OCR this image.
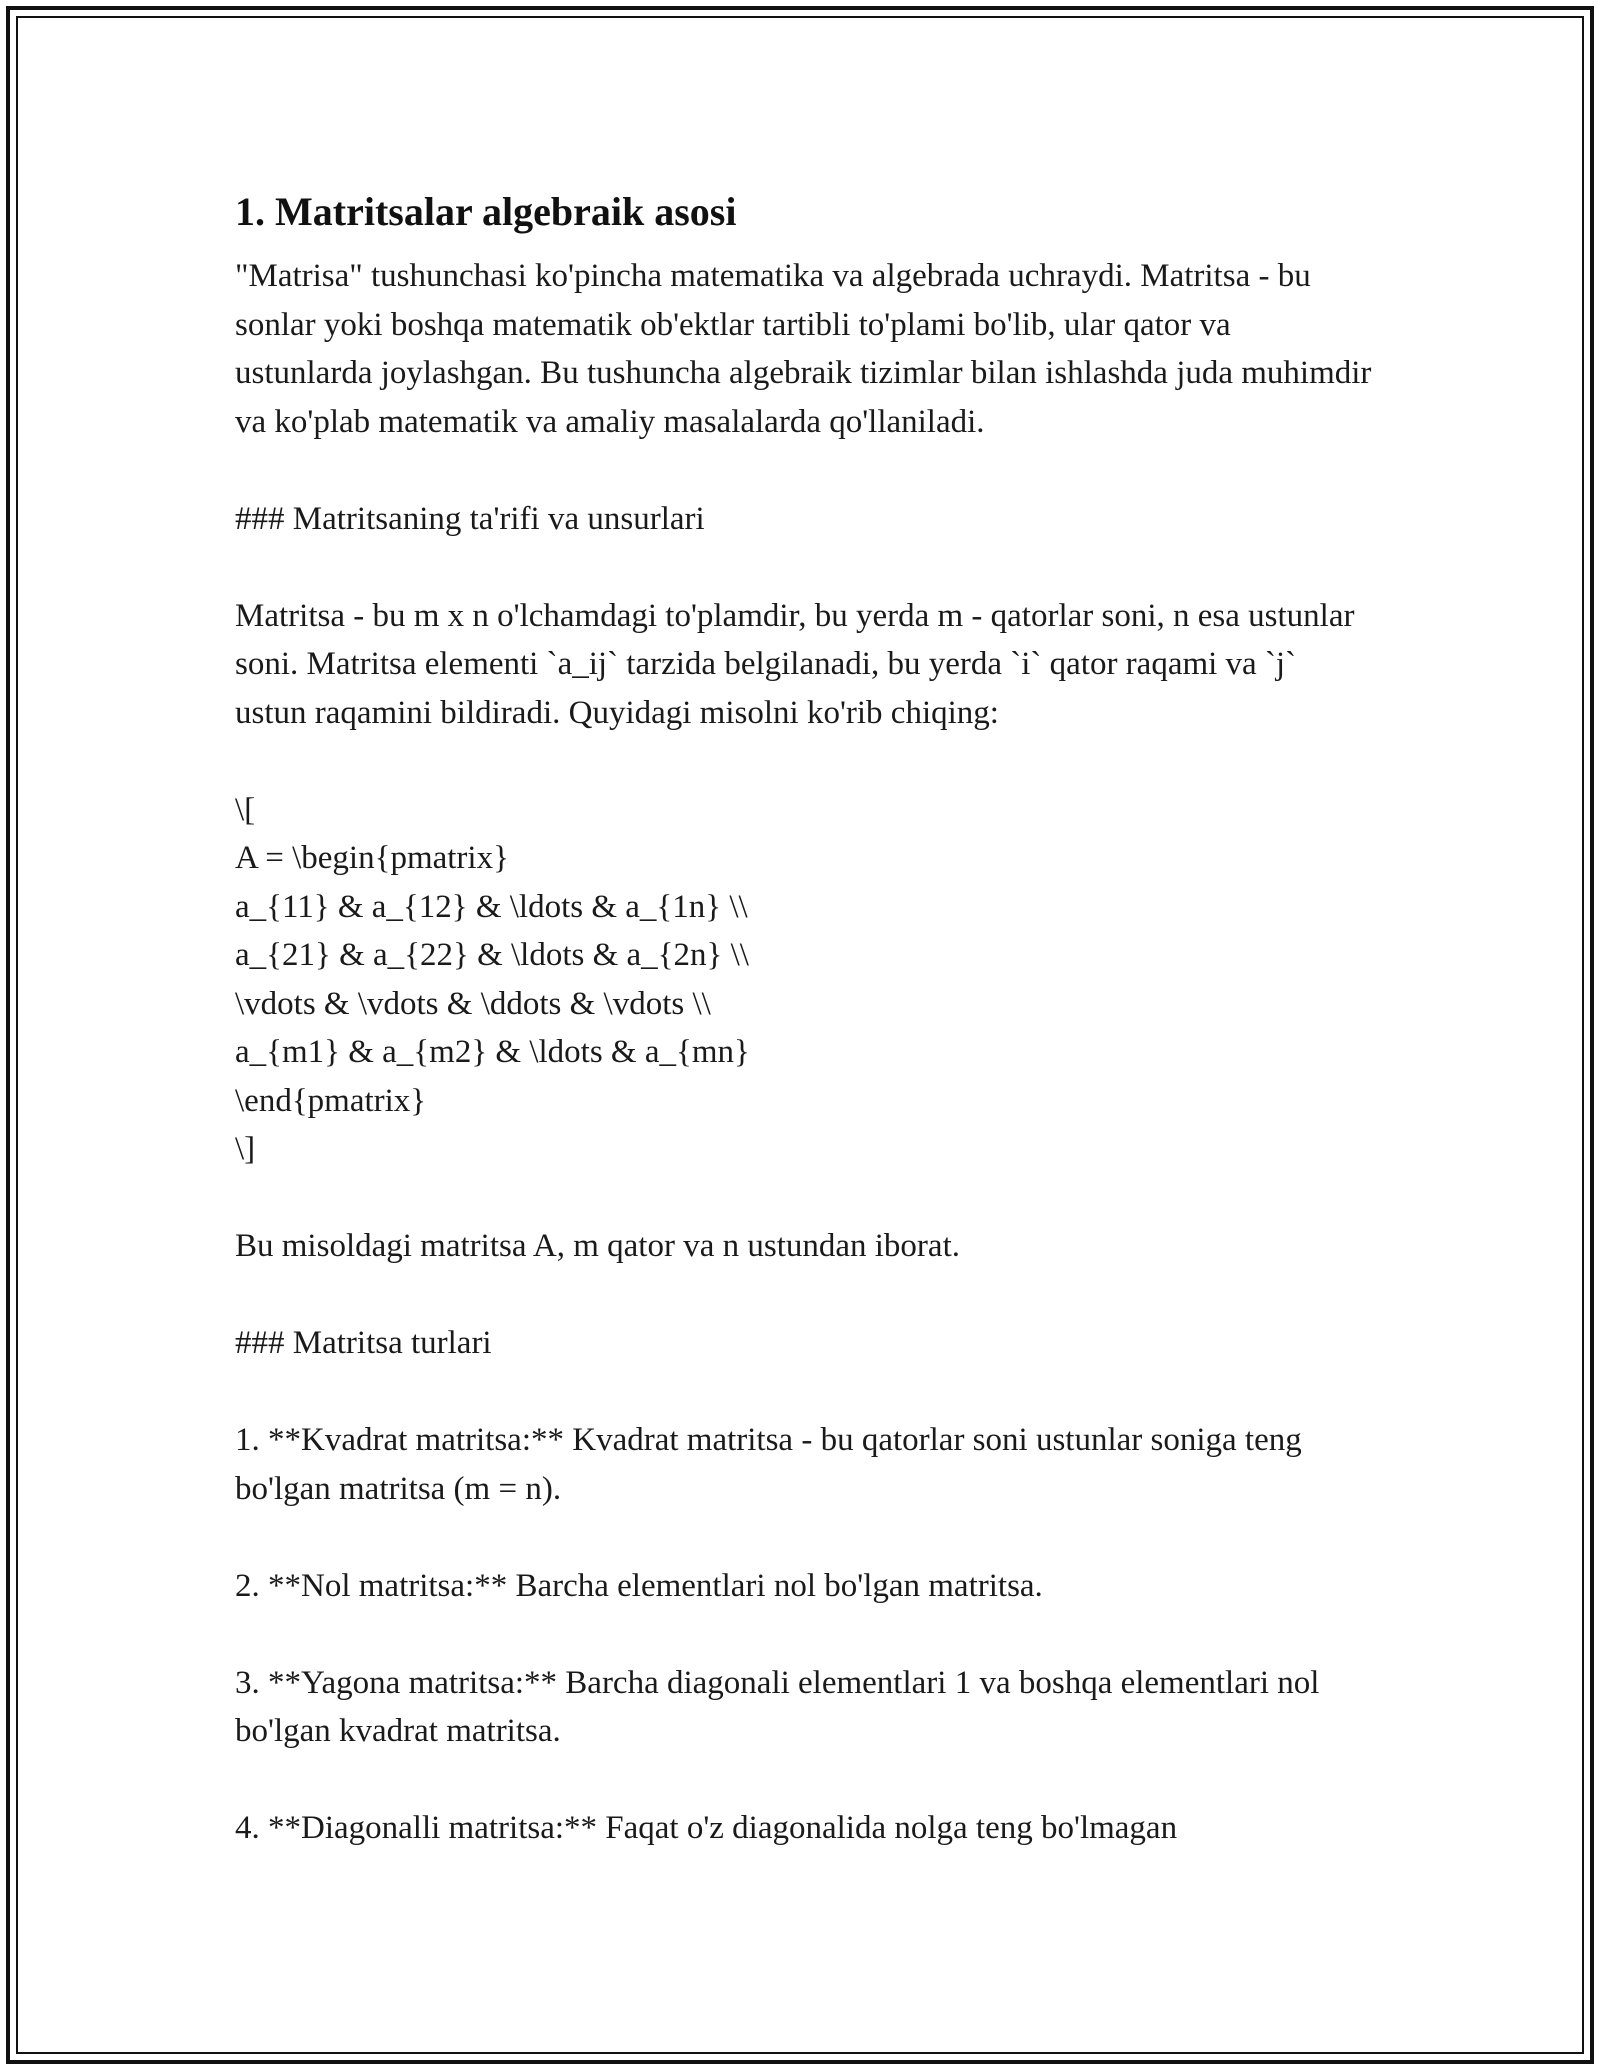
1. Matritsalar algebraik asosi

"Matrisa" tushunchasi ko'pincha matematika va algebrada uchraydi. Matritsa - bu sonlar yoki boshqa matematik ob'ektlar tartibli to'plami bo'lib, ular qator va ustunlarda joylashgan. Bu tushuncha algebraik tizimlar bilan ishlashda juda muhimdir va ko'plab matematik va amaliy masalalarda qo'llaniladi.

### Matritsaning ta'rifi va unsurlari

Matritsa - bu m x n o'lchamdagi to'plamdir, bu yerda m - qatorlar soni, n esa ustunlar soni. Matritsa elementi `a_ij` tarzida belgilanadi, bu yerda `i` qator raqami va `j` ustun raqamini bildiradi. Quyidagi misolni ko'rib chiqing:

\[
A = \begin{pmatrix}
a_{11} & a_{12} & \ldots & a_{1n} \\
a_{21} & a_{22} & \ldots & a_{2n} \\
\vdots & \vdots & \ddots & \vdots \\
a_{m1} & a_{m2} & \ldots & a_{mn}
\end{pmatrix}
\]

Bu misoldagi matritsa A, m qator va n ustundan iborat.

### Matritsa turlari

1. **Kvadrat matritsa:** Kvadrat matritsa - bu qatorlar soni ustunlar soniga teng bo'lgan matritsa (m = n).

2. **Nol matritsa:** Barcha elementlari nol bo'lgan matritsa.

3. **Yagona matritsa:** Barcha diagonali elementlari 1 va boshqa elementlari nol bo'lgan kvadrat matritsa.

4. **Diagonalli matritsa:** Faqat o'z diagonalida nolga teng bo'lmagan
